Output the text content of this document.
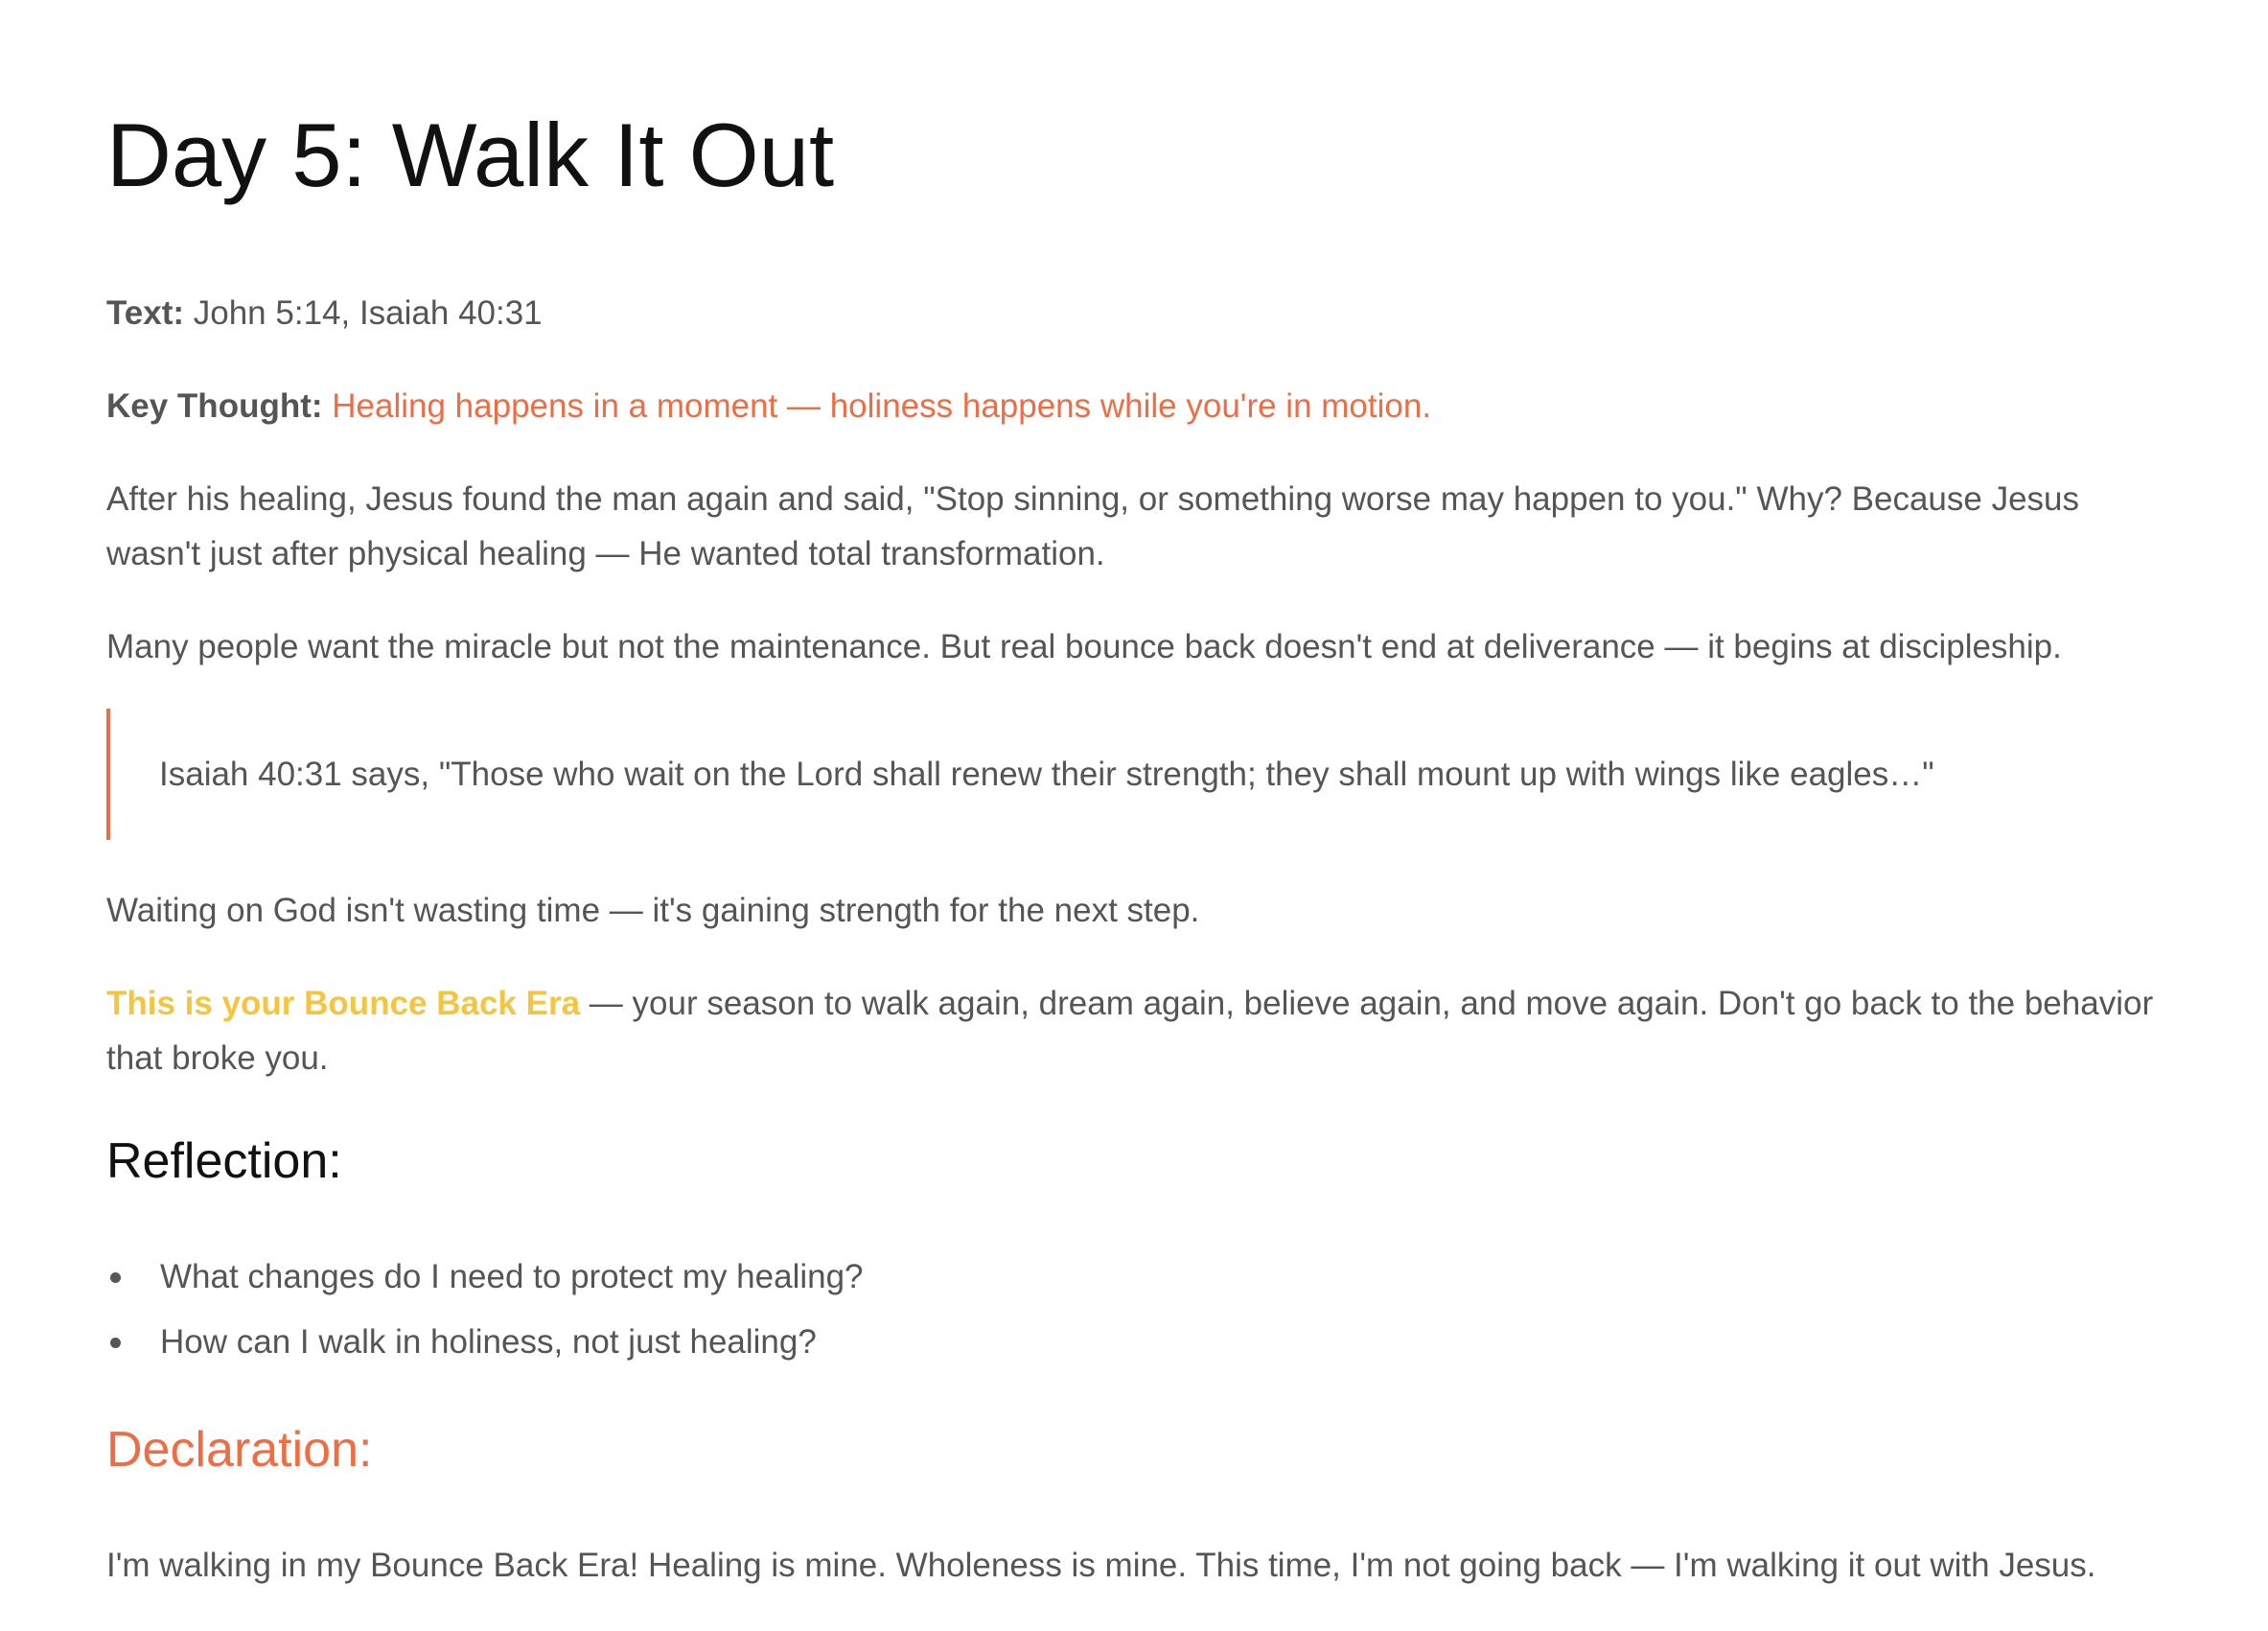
Day 5: Walk It Out

Text: John 5:14, Isaiah 40:31

Key Thought: Healing happens in a moment — holiness happens while you're in motion.

After his healing, Jesus found the man again and said, "Stop sinning, or something worse may happen to you." Why? Because Jesus

wasn't just after physical healing — He wanted total transformation.

Many people want the miracle but not the maintenance. But real bounce back doesn't end at deliverance — it begins at discipleship.

Isaiah 40:31 says, "Those who wait on the Lord shall renew their strength; they shall mount up with wings like eagles…"

Waiting on God isn't wasting time — it's gaining strength for the next step.

This is your Bounce Back Era — your season to walk again, dream again, believe again, and move again. Don't go back to the behavior

that broke you.

Reflection:
What changes do I need to protect my healing?
How can I walk in holiness, not just healing?
Declaration:

I'm walking in my Bounce Back Era! Healing is mine. Wholeness is mine. This time, I'm not going back — I'm walking it out with Jesus.
